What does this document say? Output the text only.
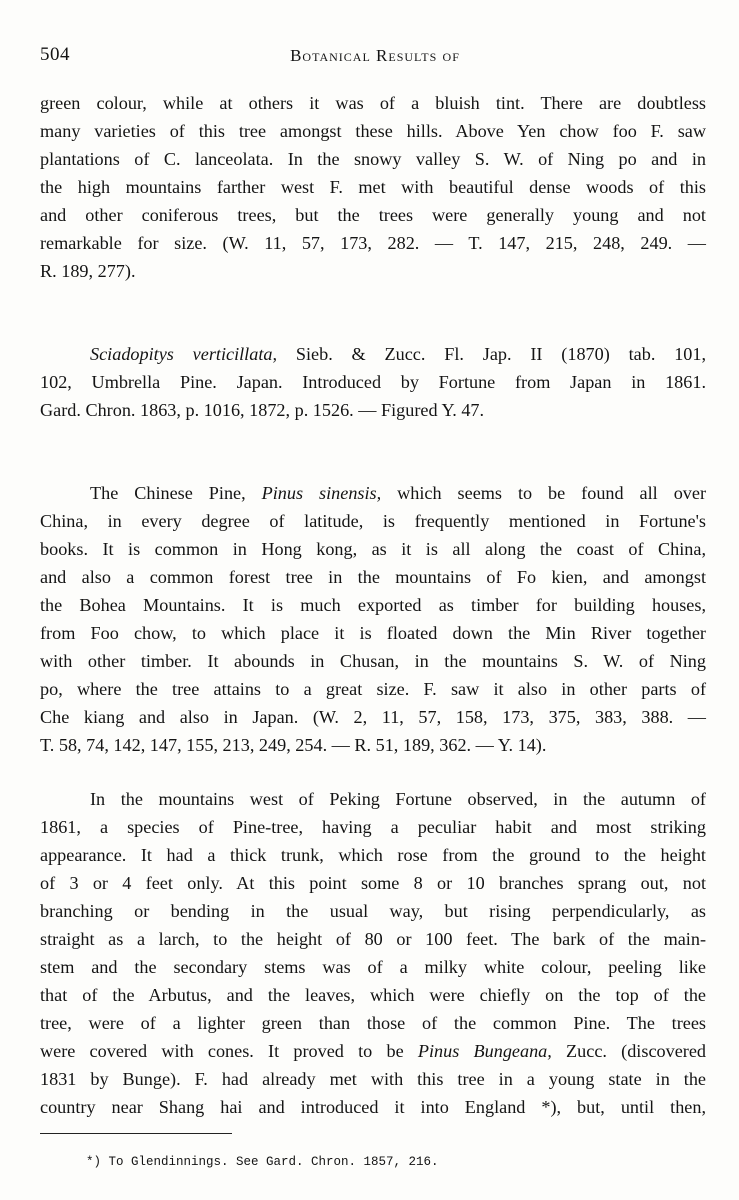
504	Botanical Results of

green colour, while at others it was of a bluish tint. There are doubtless
many varieties of this tree amongst these hills. Above Yen chow foo F. saw
plantations of C. lanceolata. In the snowy valley S. W. of Ning po and in
the high mountains farther west F. met with beautiful dense woods of this
and other coniferous trees, but the trees were generally young and not
remarkable for size. (W. 11, 57, 173, 282. — T. 147, 215, 248, 249. —
R. 189, 277).

Sciadopitys verticillata, Sieb. & Zucc. Fl. Jap. II (1870) tab. 101,
102, Umbrella Pine. Japan. Introduced by Fortune from Japan in 1861.
Gard. Chron. 1863, p. 1016, 1872, p. 1526. — Figured Y. 47.

The Chinese Pine, Pinus sinensis, which seems to be found all over
China, in every degree of latitude, is frequently mentioned in Fortune's
books. It is common in Hong kong, as it is all along the coast of China,
and also a common forest tree in the mountains of Fo kien, and amongst
the Bohea Mountains. It is much exported as timber for building houses,
from Foo chow, to which place it is floated down the Min River together
with other timber. It abounds in Chusan, in the mountains S. W. of Ning
po, where the tree attains to a great size. F. saw it also in other parts of
Che kiang and also in Japan. (W. 2, 11, 57, 158, 173, 375, 383, 388. —
T. 58, 74, 142, 147, 155, 213, 249, 254. — R. 51, 189, 362. — Y. 14).

In the mountains west of Peking Fortune observed, in the autumn of
1861, a species of Pine-tree, having a peculiar habit and most striking
appearance. It had a thick trunk, which rose from the ground to the height
of 3 or 4 feet only. At this point some 8 or 10 branches sprang out, not
branching or bending in the usual way, but rising perpendicularly, as
straight as a larch, to the height of 80 or 100 feet. The bark of the main-
stem and the secondary stems was of a milky white colour, peeling like
that of the Arbutus, and the leaves, which were chiefly on the top of the
tree, were of a lighter green than those of the common Pine. The trees
were covered with cones. It proved to be Pinus Bungeana, Zucc. (discovered
1831 by Bunge). F. had already met with this tree in a young state in the
country near Shang hai and introduced it into England *), but, until then,

*) To Glendinnings. See Gard. Chron. 1857, 216.
